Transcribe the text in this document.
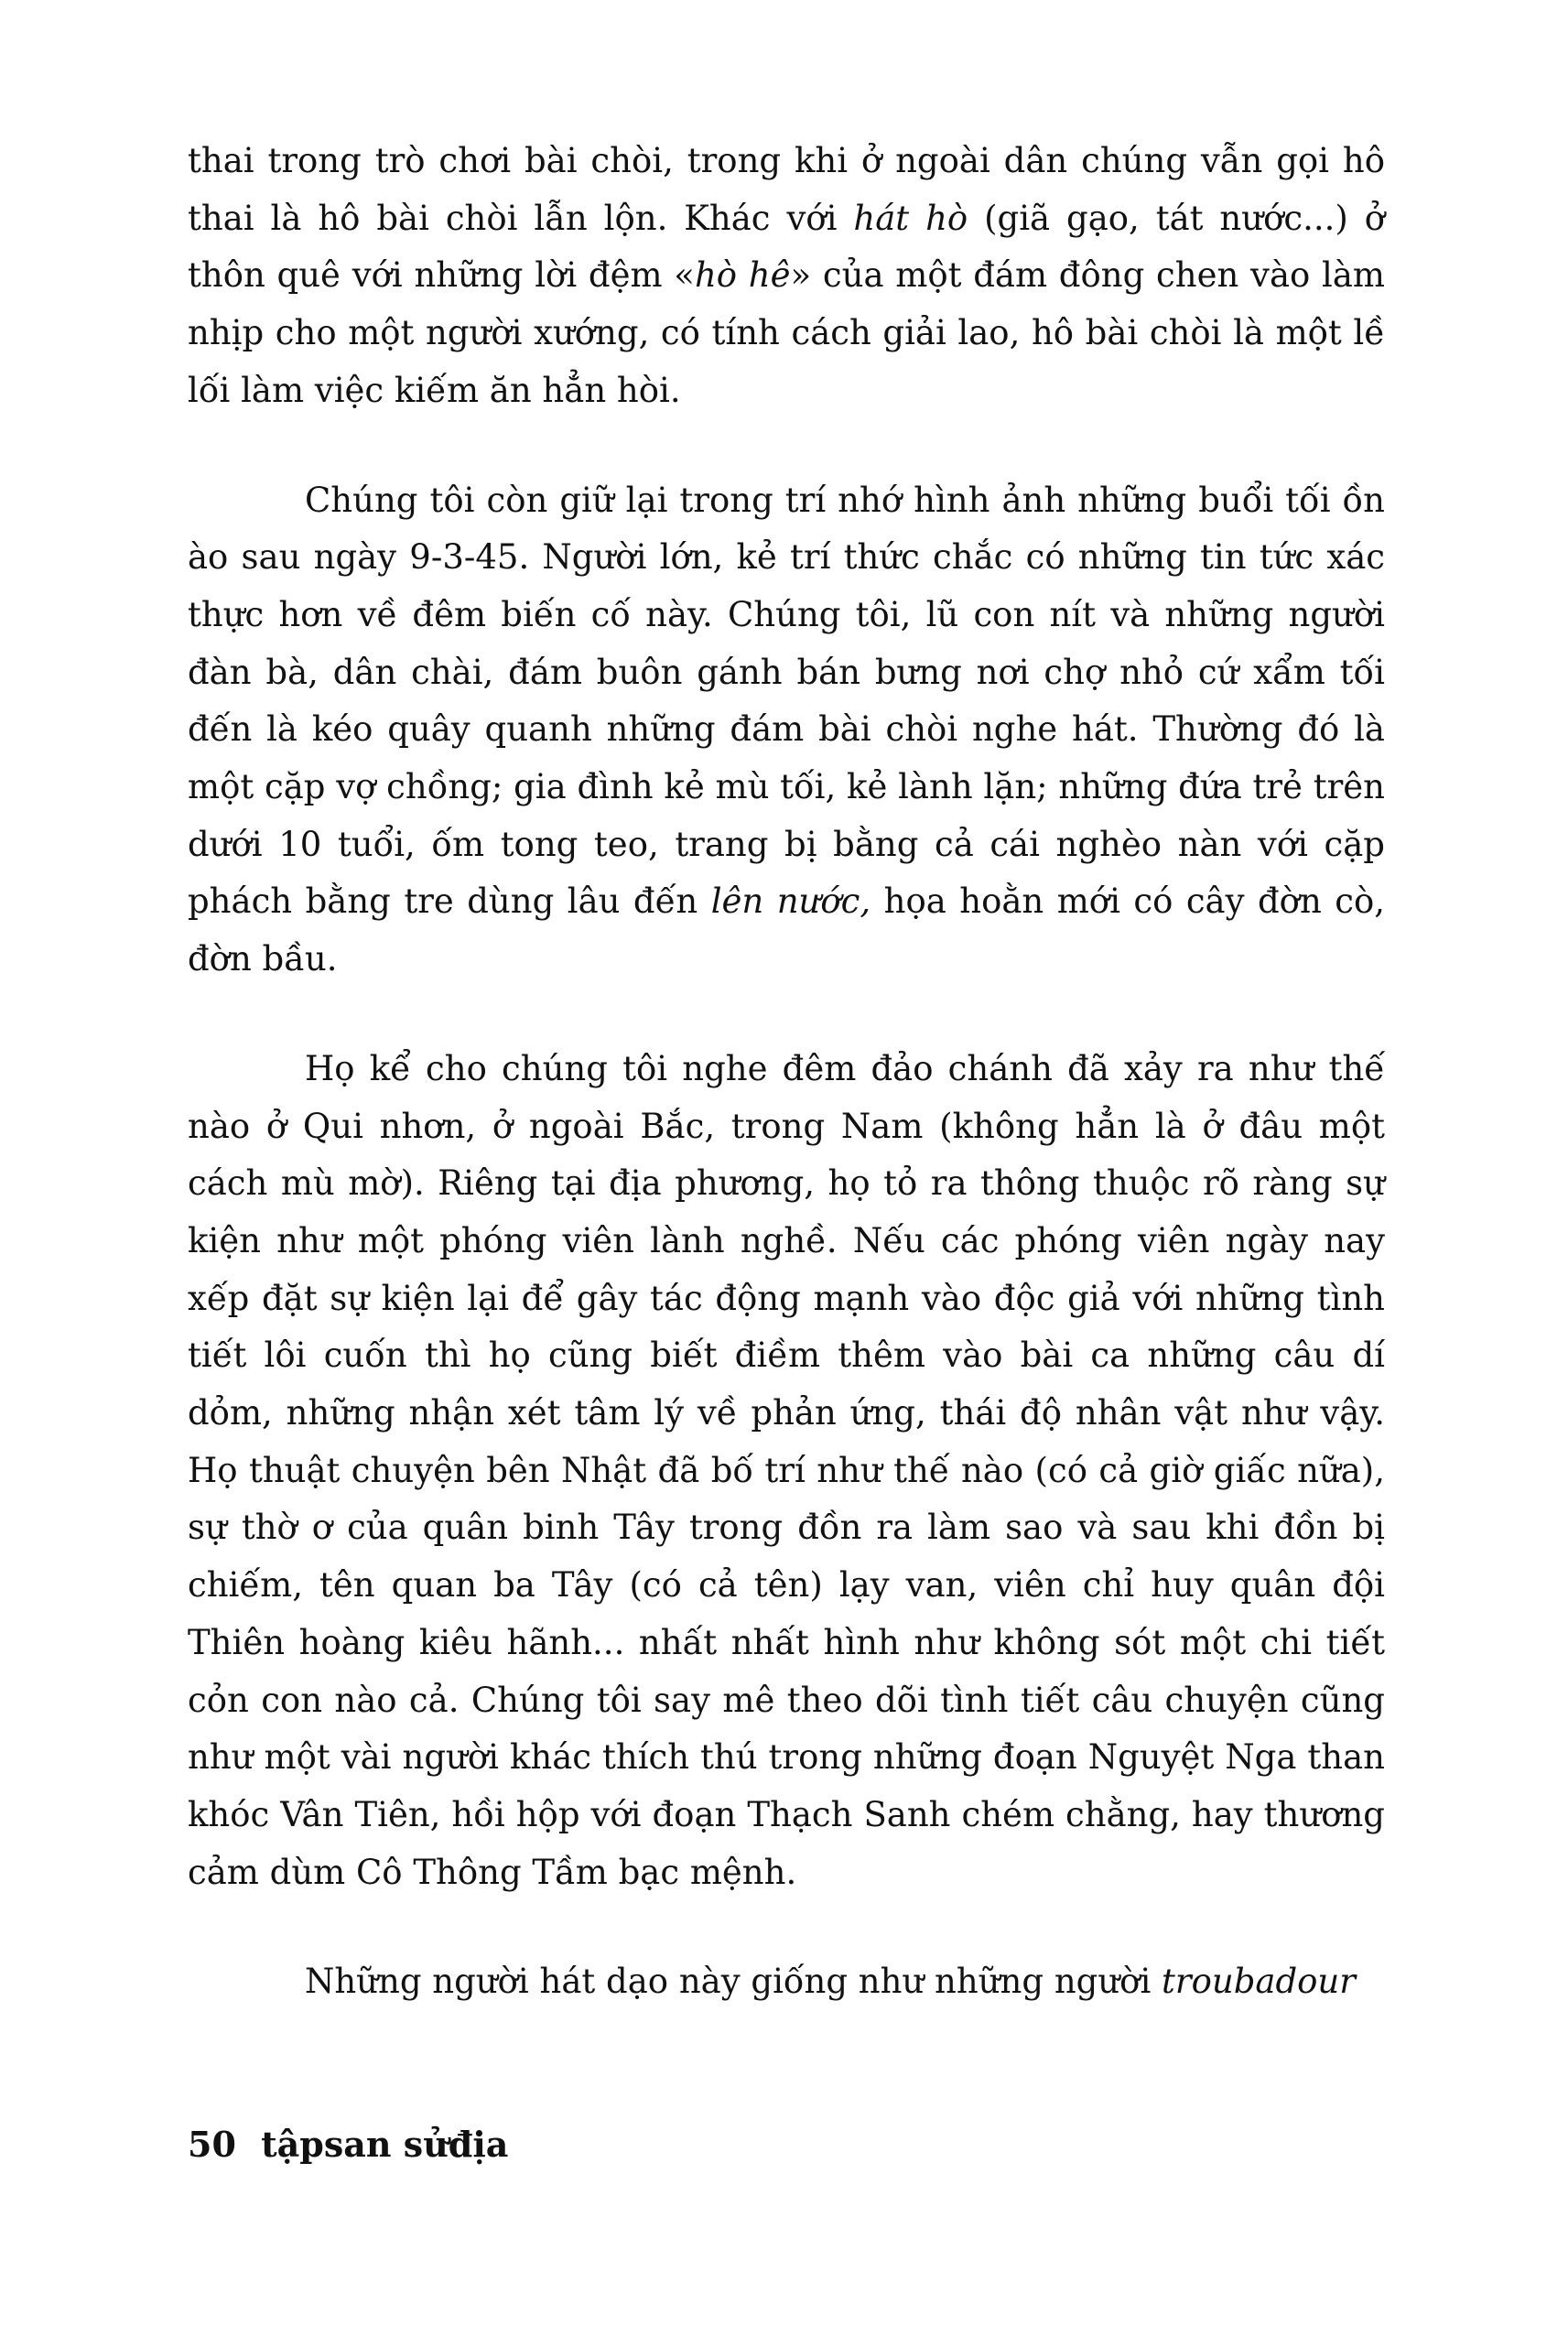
thai trong trò chơi bài chòi, trong khi ở ngoài dân chúng vẫn gọi hô thai là hô bài chòi lẫn lộn. Khác với hát hò (giã gạo, tát nước...) ở thôn quê với những lời đệm «hò hê» của một đám đông chen vào làm nhịp cho một người xướng, có tính cách giải lao, hô bài chòi là một lề lối làm việc kiếm ăn hẳn hòi.

Chúng tôi còn giữ lại trong trí nhớ hình ảnh những buổi tối ồn ào sau ngày 9-3-45. Người lớn, kẻ trí thức chắc có những tin tức xác thực hơn về đêm biến cố này. Chúng tôi, lũ con nít và những người đàn bà, dân chài, đám buôn gánh bán bưng nơi chợ nhỏ cứ xẩm tối đến là kéo quây quanh những đám bài chòi nghe hát. Thường đó là một cặp vợ chồng; gia đình kẻ mù tối, kẻ lành lặn; những đứa trẻ trên dưới 10 tuổi, ốm tong teo, trang bị bằng cả cái nghèo nàn với cặp phách bằng tre dùng lâu đến lên nước, họa hoằn mới có cây đờn cò, đờn bầu.

Họ kể cho chúng tôi nghe đêm đảo chánh đã xảy ra như thế nào ở Qui nhơn, ở ngoài Bắc, trong Nam (không hẳn là ở đâu một cách mù mờ). Riêng tại địa phương, họ tỏ ra thông thuộc rõ ràng sự kiện như một phóng viên lành nghề. Nếu các phóng viên ngày nay xếp đặt sự kiện lại để gây tác động mạnh vào độc giả với những tình tiết lôi cuốn thì họ cũng biết điềm thêm vào bài ca những câu dí dỏm, những nhận xét tâm lý về phản ứng, thái độ nhân vật như vậy. Họ thuật chuyện bên Nhật đã bố trí như thế nào (có cả giờ giấc nữa), sự thờ ơ của quân binh Tây trong đồn ra làm sao và sau khi đồn bị chiếm, tên quan ba Tây (có cả tên) lạy van, viên chỉ huy quân đội Thiên hoàng kiêu hãnh... nhất nhất hình như không sót một chi tiết cỏn con nào cả. Chúng tôi say mê theo dõi tình tiết câu chuyện cũng như một vài người khác thích thú trong những đoạn Nguyệt Nga than khóc Vân Tiên, hồi hộp với đoạn Thạch Sanh chém chằng, hay thương cảm dùm Cô Thông Tầm bạc mệnh.

Những người hát dạo này giống như những người troubadour

50 tậpsan sửđịa
